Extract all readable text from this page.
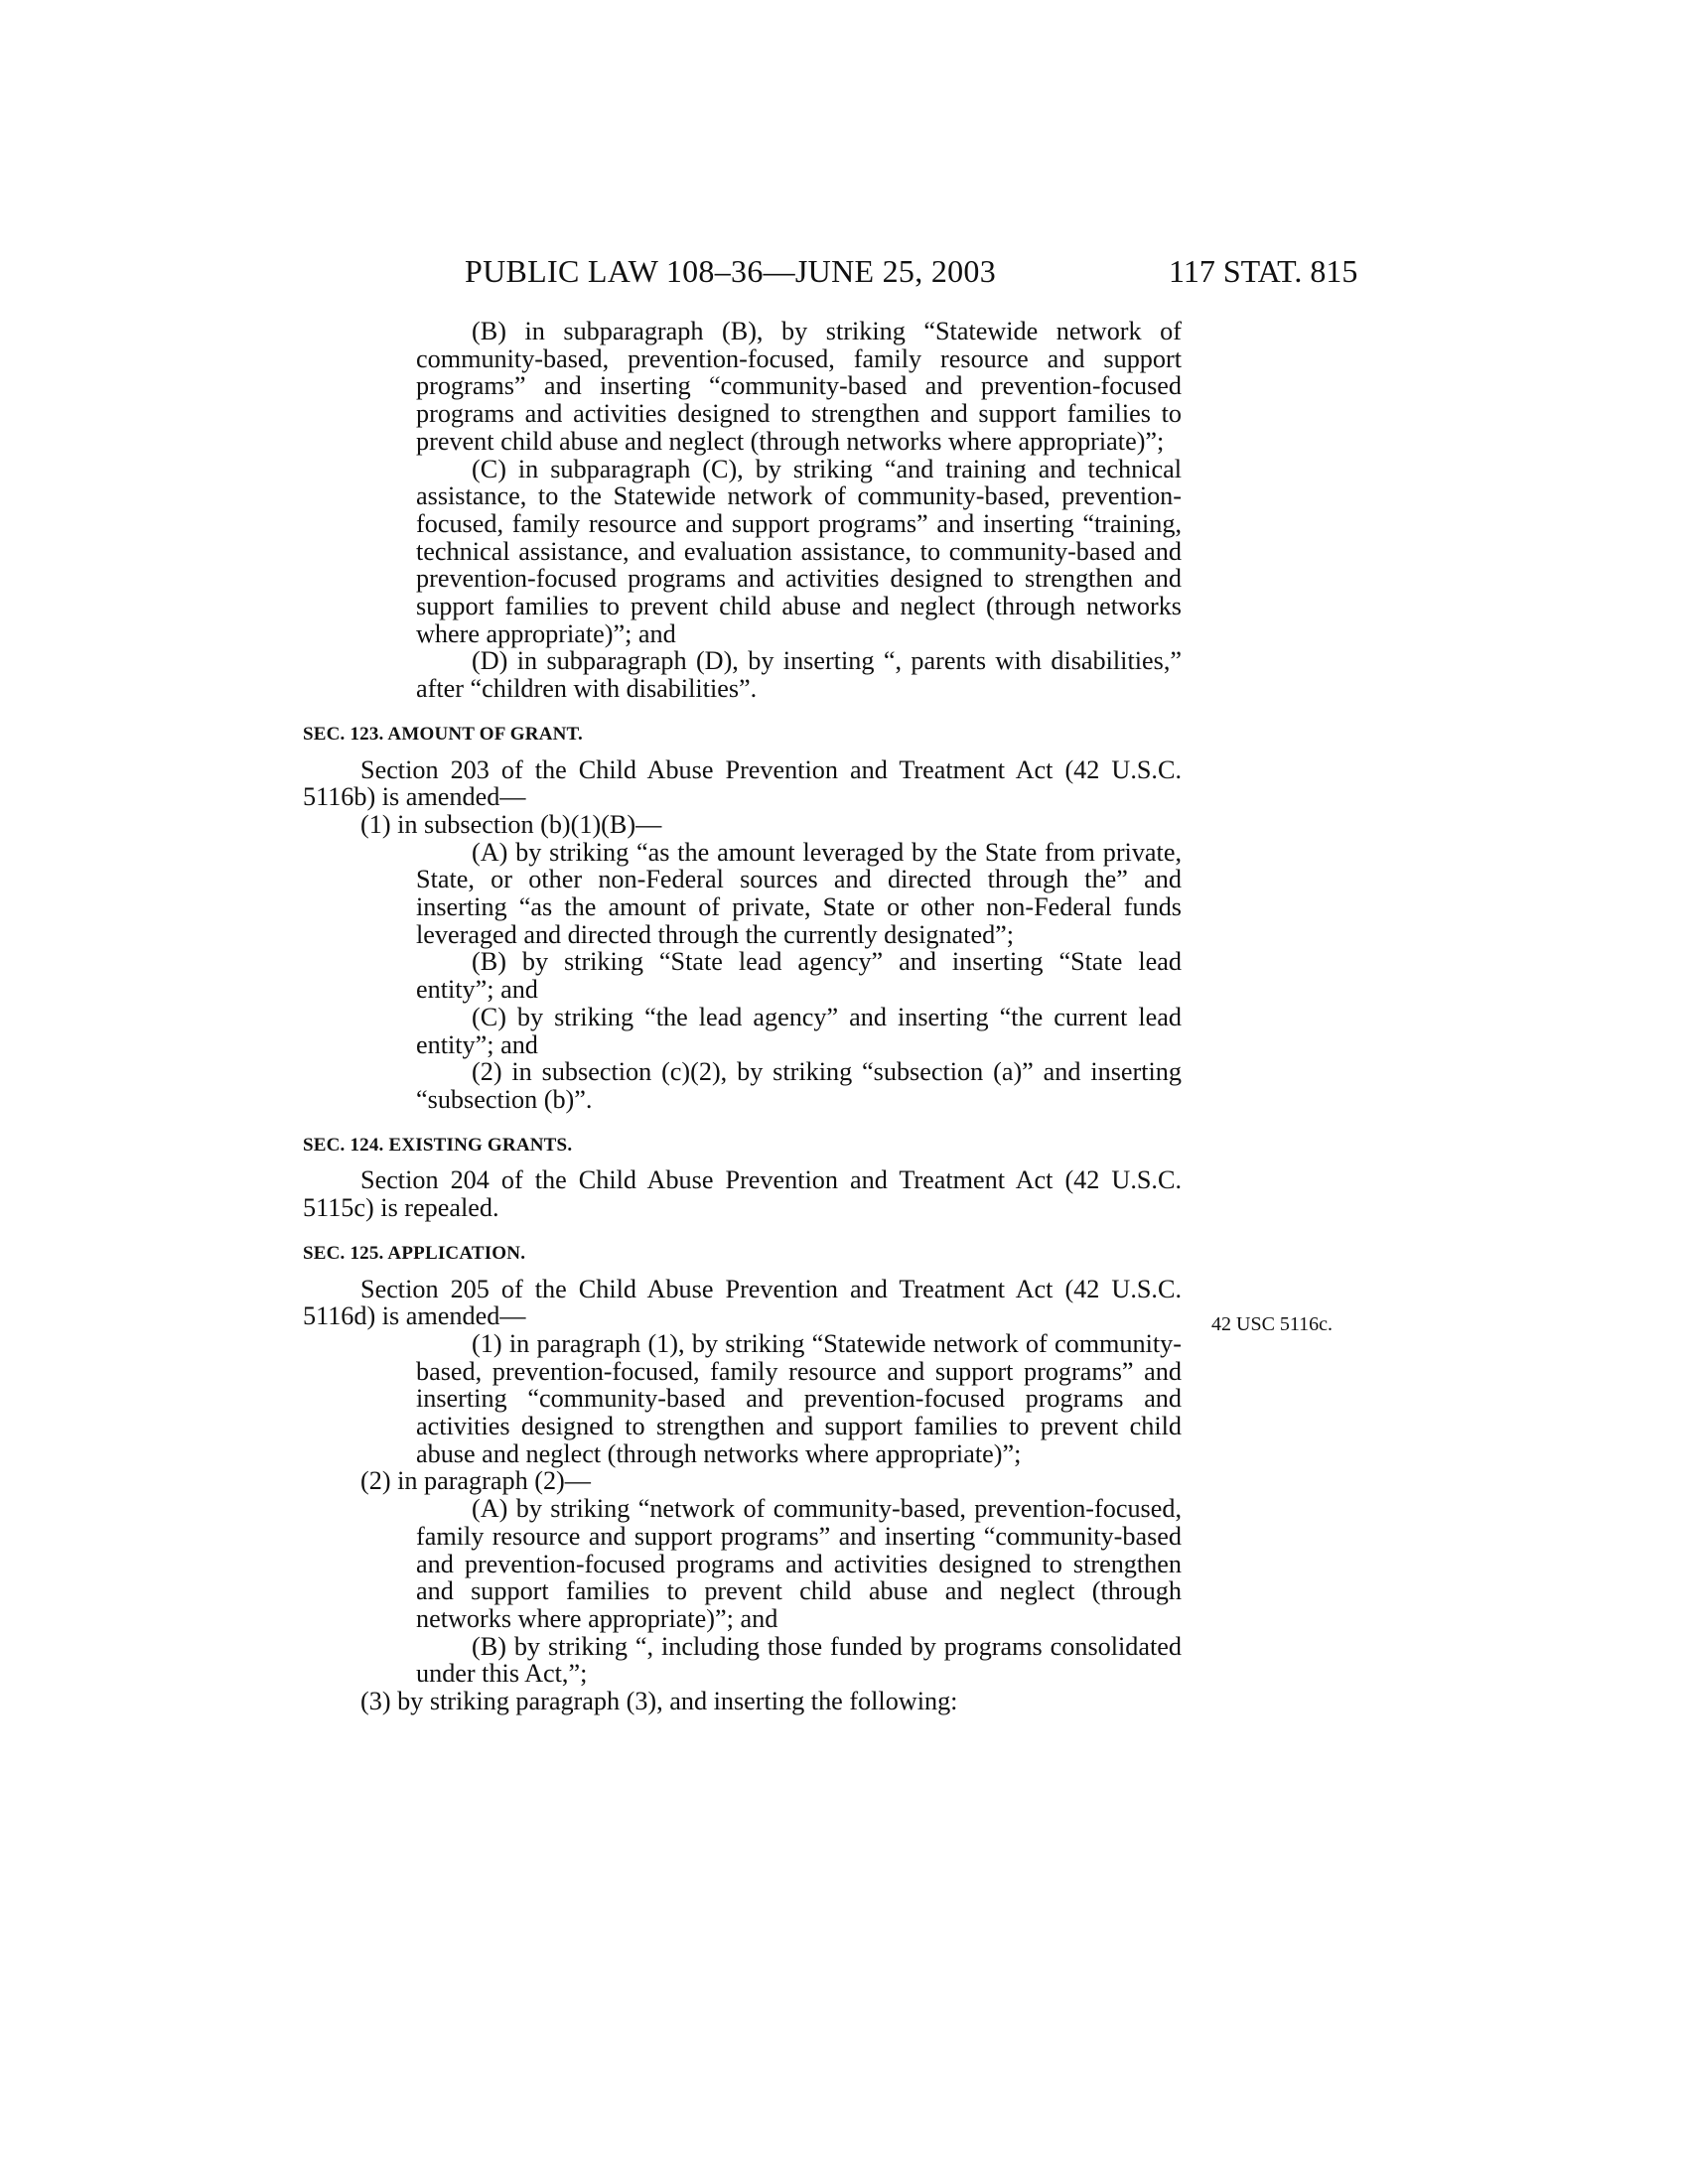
PUBLIC LAW 108–36—JUNE 25, 2003	117 STAT. 815

(B) in subparagraph (B), by striking “Statewide network of community-based, prevention-focused, family resource and support programs” and inserting “community-based and prevention-focused programs and activities designed to strengthen and support families to prevent child abuse and neglect (through networks where appropriate)”;

(C) in subparagraph (C), by striking “and training and technical assistance, to the Statewide network of community-based, prevention-focused, family resource and support programs” and inserting “training, technical assistance, and evaluation assistance, to community-based and prevention-focused programs and activities designed to strengthen and support families to prevent child abuse and neglect (through networks where appropriate)”; and

(D) in subparagraph (D), by inserting “, parents with disabilities,” after “children with disabilities”.

SEC. 123. AMOUNT OF GRANT.

Section 203 of the Child Abuse Prevention and Treatment Act (42 U.S.C. 5116b) is amended—

(1) in subsection (b)(1)(B)—

(A) by striking “as the amount leveraged by the State from private, State, or other non-Federal sources and directed through the” and inserting “as the amount of private, State or other non-Federal funds leveraged and directed through the currently designated”;

(B) by striking “State lead agency” and inserting “State lead entity”; and

(C) by striking “the lead agency” and inserting “the current lead entity”; and

(2) in subsection (c)(2), by striking “subsection (a)” and inserting “subsection (b)”.

SEC. 124. EXISTING GRANTS.

Section 204 of the Child Abuse Prevention and Treatment Act (42 U.S.C. 5115c) is repealed.

SEC. 125. APPLICATION.

Section 205 of the Child Abuse Prevention and Treatment Act (42 U.S.C. 5116d) is amended—

(1) in paragraph (1), by striking “Statewide network of community-based, prevention-focused, family resource and support programs” and inserting “community-based and prevention-focused programs and activities designed to strengthen and support families to prevent child abuse and neglect (through networks where appropriate)”;

(2) in paragraph (2)—

(A) by striking “network of community-based, prevention-focused, family resource and support programs” and inserting “community-based and prevention-focused programs and activities designed to strengthen and support families to prevent child abuse and neglect (through networks where appropriate)”; and

(B) by striking “, including those funded by programs consolidated under this Act,”;

(3) by striking paragraph (3), and inserting the following:

42 USC 5116c.
